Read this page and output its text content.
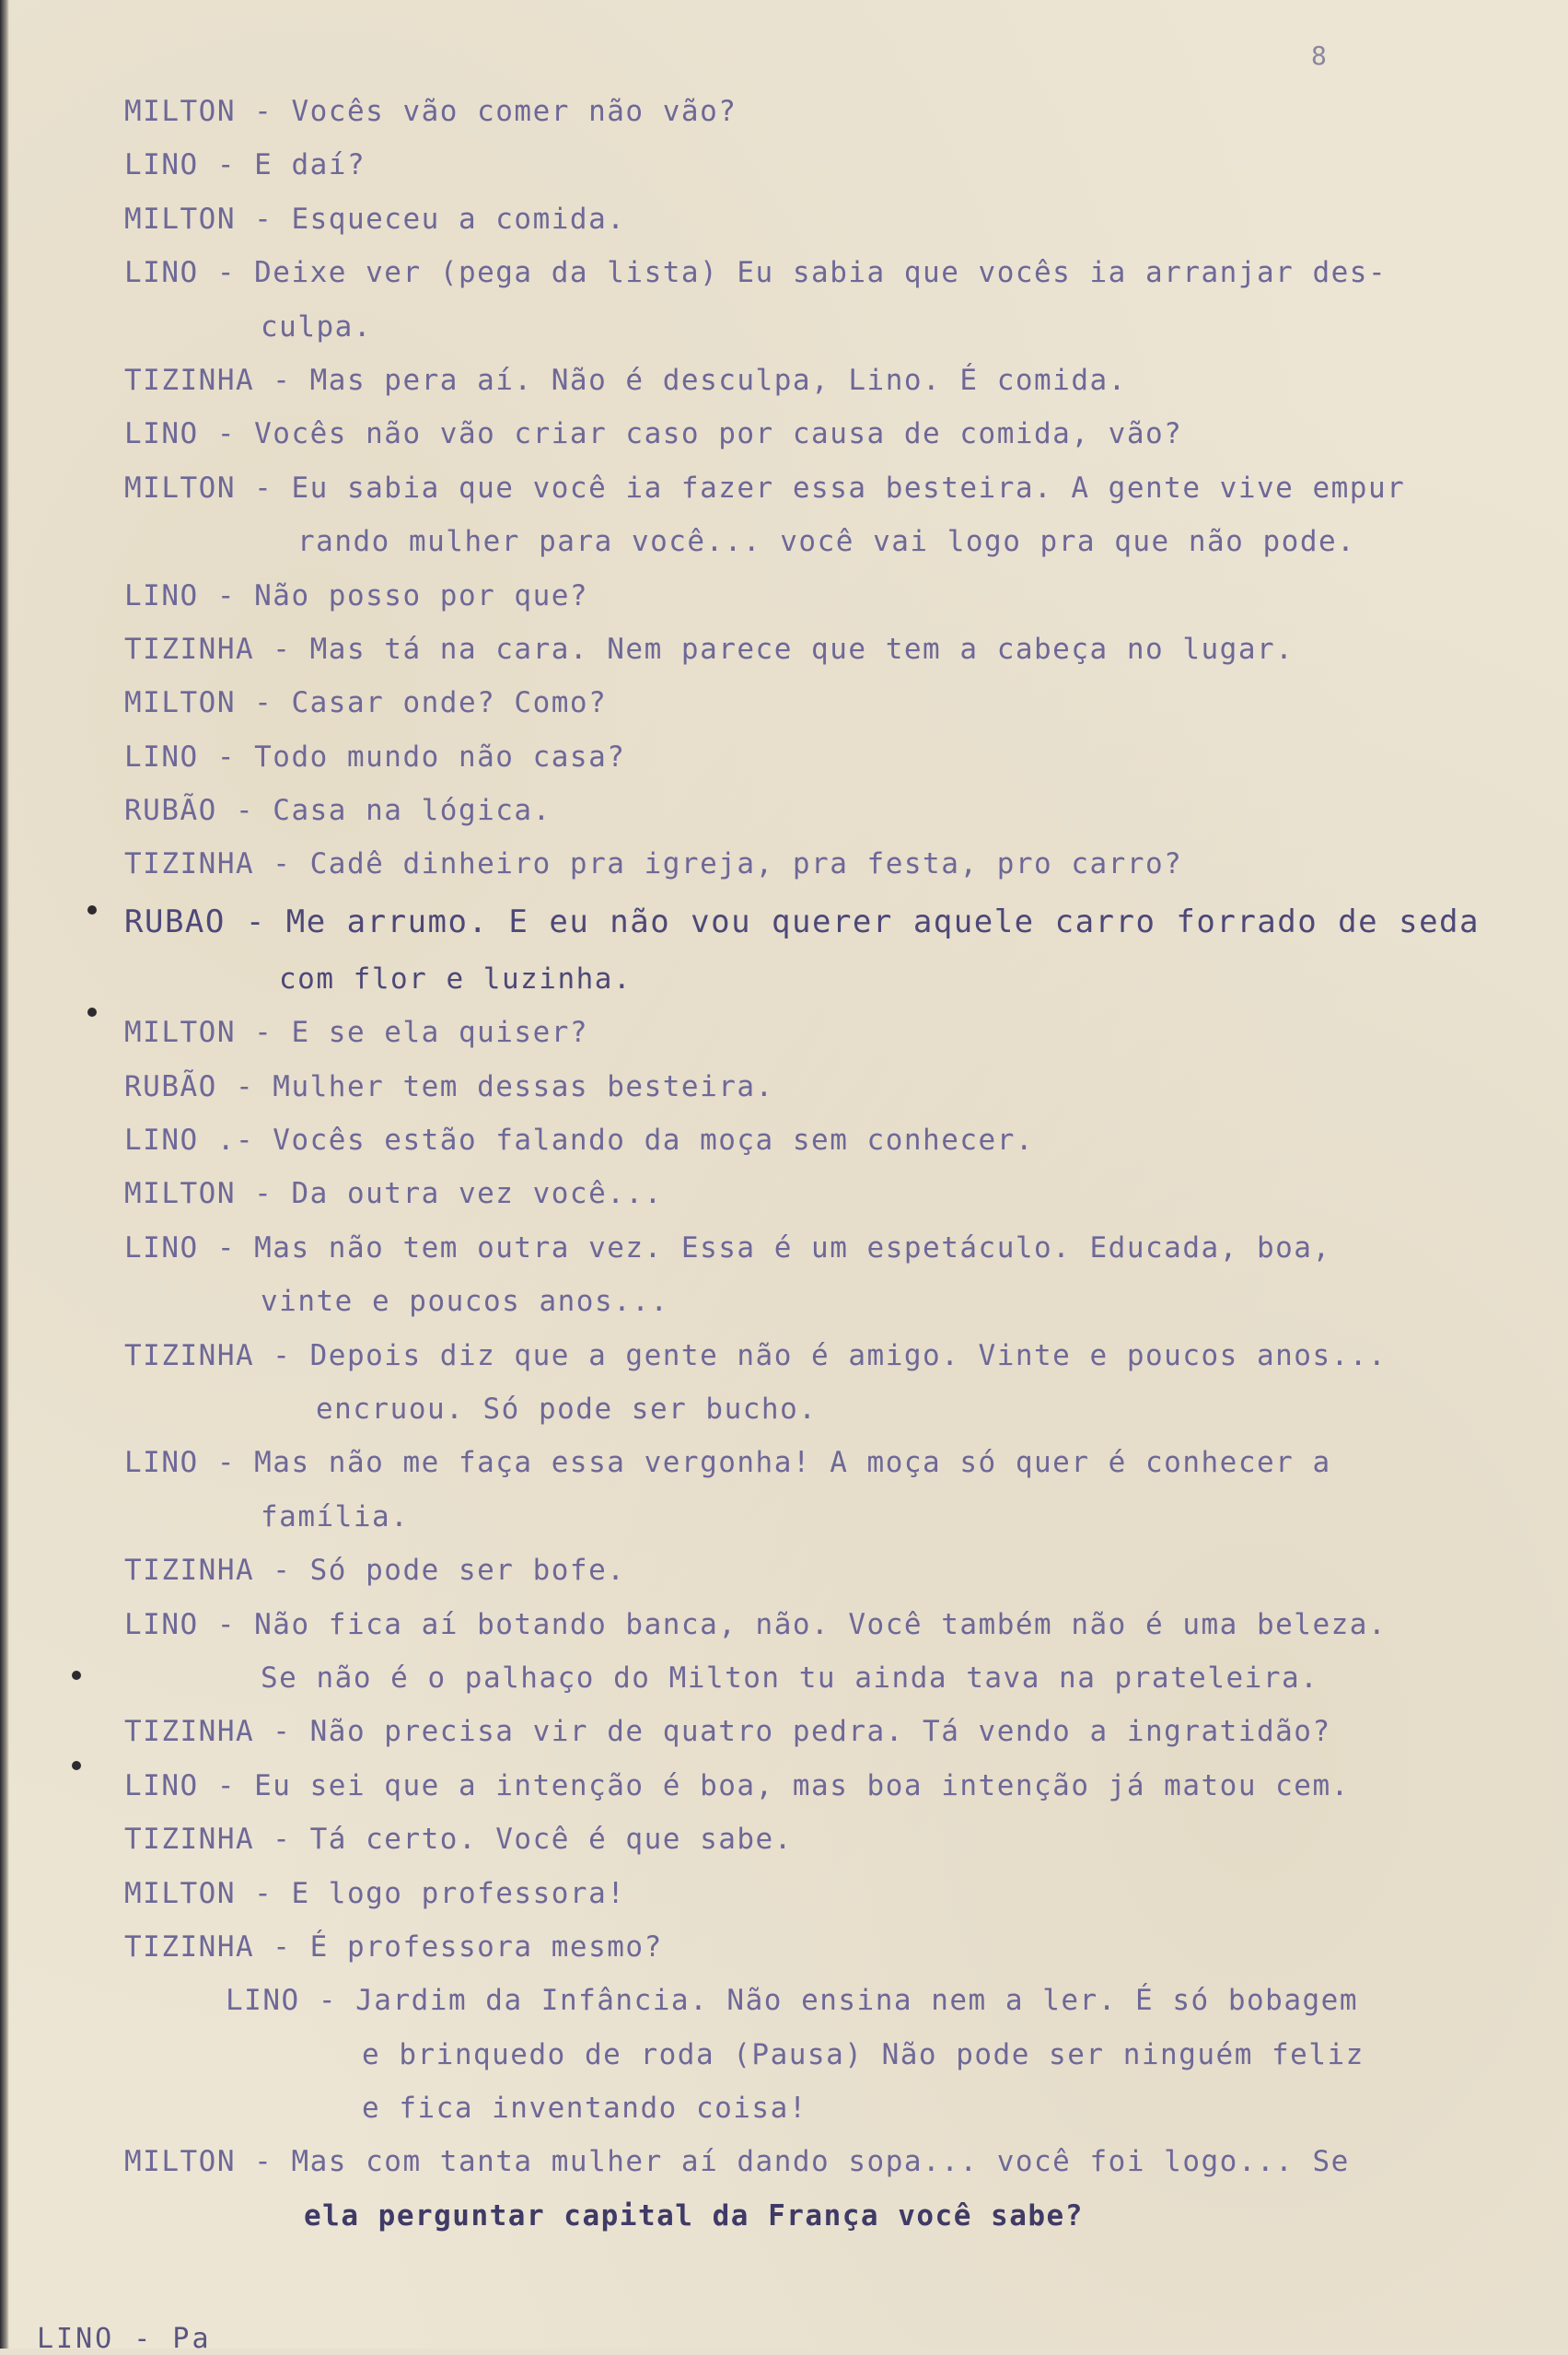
8

MILTON - Vocês vão comer não vão?

LINO - E daí?

MILTON - Esqueceu a comida.

LINO - Deixe ver (pega da lista) Eu sabia que vocês ia arranjar des-

culpa.

TIZINHA - Mas pera aí. Não é desculpa, Lino. É comida.

LINO - Vocês não vão criar caso por causa de comida, vão?

MILTON - Eu sabia que você ia fazer essa besteira. A gente vive empur

rando mulher para você... você vai logo pra que não pode.

LINO - Não posso por que?

TIZINHA - Mas tá na cara. Nem parece que tem a cabeça no lugar.

MILTON - Casar onde? Como?

LINO - Todo mundo não casa?

RUBÃO - Casa na lógica.

TIZINHA - Cadê dinheiro pra igreja, pra festa, pro carro?

RUBAO - Me arrumo. E eu não vou querer aquele carro forrado de seda

com flor e luzinha.

MILTON - E se ela quiser?

RUBÃO - Mulher tem dessas besteira.

LINO .- Vocês estão falando da moça sem conhecer.

MILTON - Da outra vez você...

LINO - Mas não tem outra vez. Essa é um espetáculo. Educada, boa,

vinte e poucos anos...

TIZINHA - Depois diz que a gente não é amigo. Vinte e poucos anos...

encruou. Só pode ser bucho.

LINO - Mas não me faça essa vergonha! A moça só quer é conhecer a

família.

TIZINHA - Só pode ser bofe.

LINO - Não fica aí botando banca, não. Você também não é uma beleza.

Se não é o palhaço do Milton tu ainda tava na prateleira.

TIZINHA - Não precisa vir de quatro pedra. Tá vendo a ingratidão?

LINO - Eu sei que a intenção é boa, mas boa intenção já matou cem.

TIZINHA - Tá certo. Você é que sabe.

MILTON - E logo professora!

TIZINHA - É professora mesmo?

LINO - Jardim da Infância. Não ensina nem a ler. É só bobagem

e brinquedo de roda (Pausa) Não pode ser ninguém feliz

e fica inventando coisa!

MILTON - Mas com tanta mulher aí dando sopa... você foi logo... Se

ela perguntar capital da França você sabe?

LINO - Pa
